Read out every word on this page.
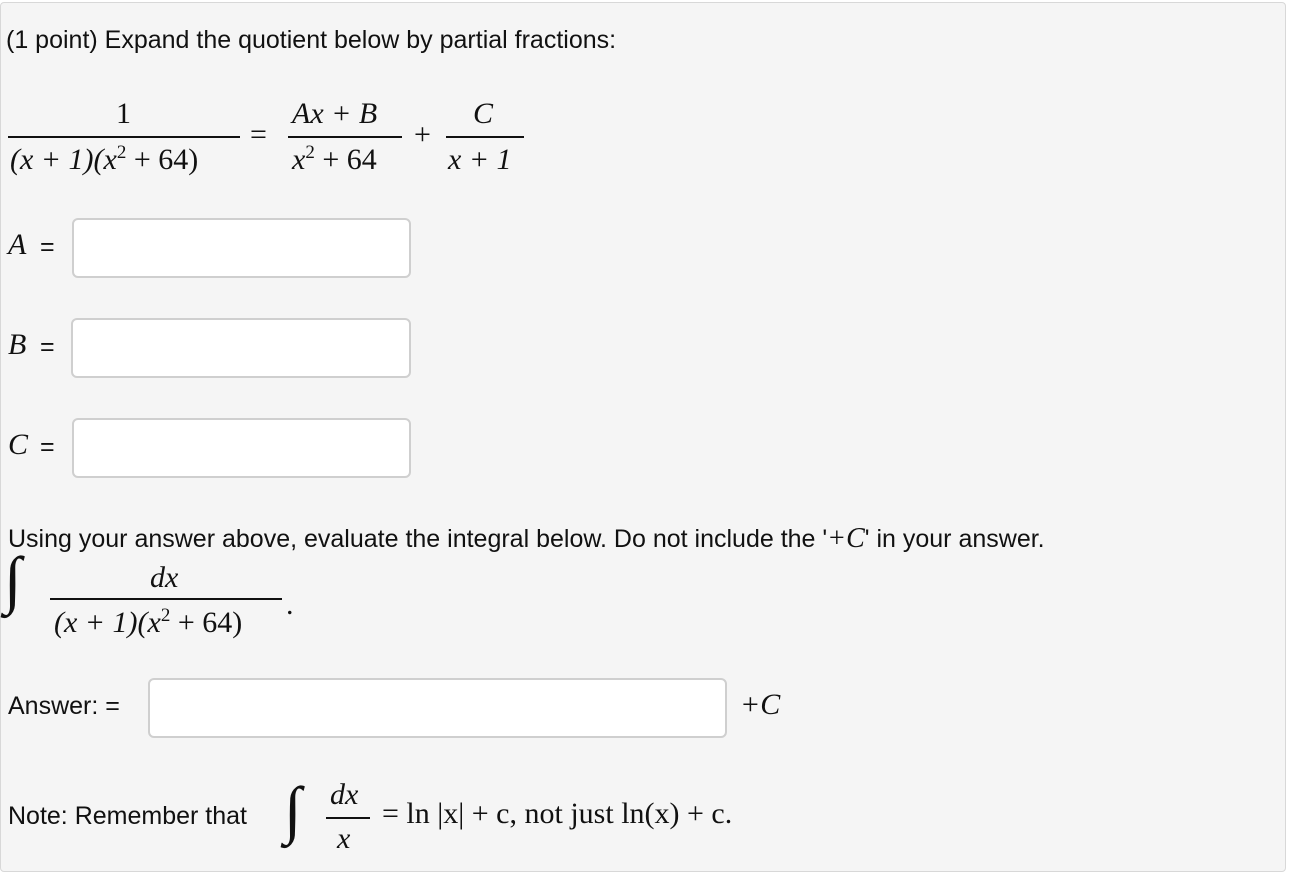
(1 point) Expand the quotient below by partial fractions:
1
$(x + 1)(x^2 + 64)$
=
Ax + B
$x^2 + 64$
+
C
x + 1
A =
B =
C =
Using your answer above, evaluate the integral below. Do not include the '+C' in your answer.
∫	dx
$(x + 1)(x^2 + 64)$
.
Answer: =	+C
Note: Remember that ∫ dx
x
= ln |x| + c, not just ln(x) + c.
